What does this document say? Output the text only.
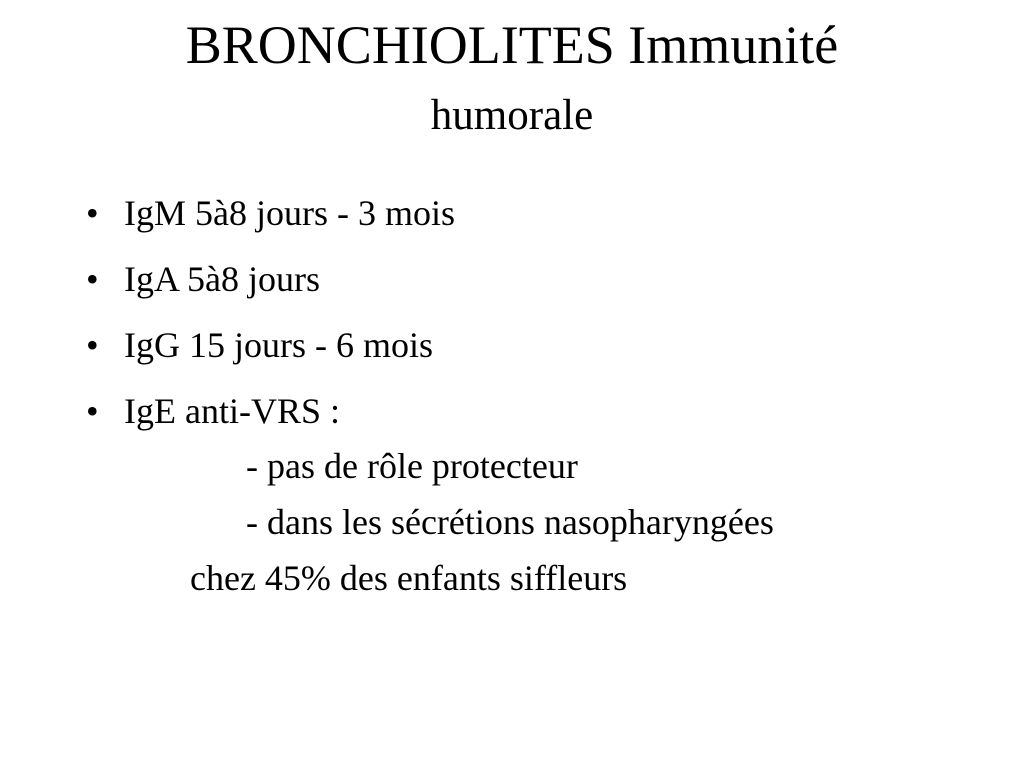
BRONCHIOLITES Immunité
humorale
• IgM 5à8 jours - 3 mois
• IgA 5à8 jours
• IgG 15 jours - 6 mois
• IgE anti-VRS :
- pas de rôle protecteur
- dans les sécrétions nasopharyngées
chez 45% des enfants siffleurs
